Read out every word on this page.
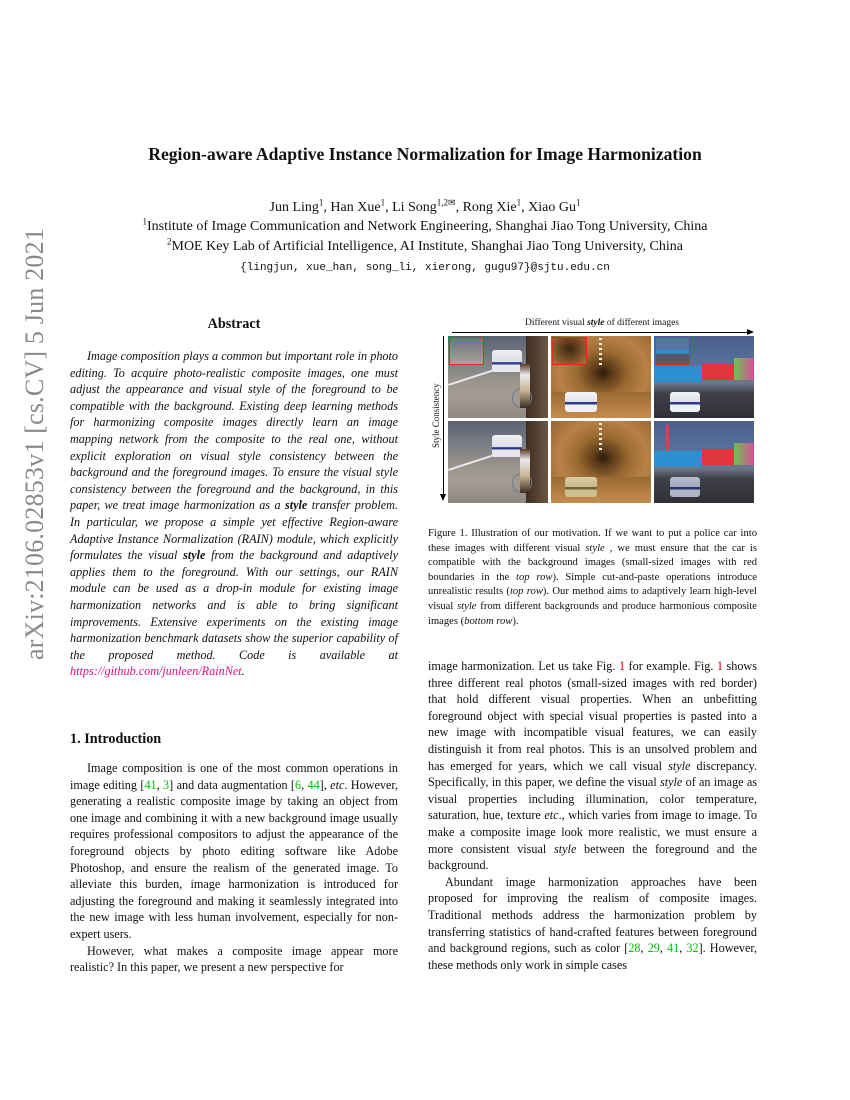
Region-aware Adaptive Instance Normalization for Image Harmonization
Jun Ling$^1$, Han Xue$^1$, Li Song$^{1,2✉}$, Rong Xie$^1$, Xiao Gu$^1$
$^1$Institute of Image Communication and Network Engineering, Shanghai Jiao Tong University, China
$^2$MOE Key Lab of Artificial Intelligence, AI Institute, Shanghai Jiao Tong University, China
{lingjun, xue_han, song_li, xierong, gugu97}@sjtu.edu.cn
arXiv:2106.02853v1 [cs.CV] 5 Jun 2021	Abstract

Image composition plays a common but important role in photo editing. To acquire photo-realistic composite images, one must adjust the appearance and visual style of the foreground to be compatible with the background. Existing deep learning methods for harmonizing composite images directly learn an image mapping network from the composite to the real one, without explicit exploration on visual style consistency between the background and the foreground images. To ensure the visual style consistency between the foreground and the background, in this paper, we treat image harmonization as a style transfer problem. In particular, we propose a simple yet effective Region-aware Adaptive Instance Normalization (RAIN) module, which explicitly formulates the visual style from the background and adaptively applies them to the foreground. With our settings, our RAIN module can be used as a drop-in module for existing image harmonization networks and is able to bring significant improvements. Extensive experiments on the existing image harmonization benchmark datasets show the superior capability of the proposed method. Code is available at https://github.com/junleen/RainNet.

1. Introduction

Image composition is one of the most common operations in image editing [41, 3] and data augmentation [6, 44], etc. However, generating a realistic composite image by taking an object from one image and combining it with a new background image usually requires professional compositors to adjust the appearance of the foreground objects by photo editing software like Adobe Photoshop, and ensure the realism of the generated image. To alleviate this burden, image harmonization is introduced for adjusting the foreground and making it seamlessly integrated into the new image with less human involvement, especially for non-expert users.

However, what makes a composite image appear more realistic? In this paper, we present a new perspective for

Different visual style of different images
Style Consistency
Figure 1. Illustration of our motivation. If we want to put a police car into these images with different visual style , we must ensure that the car is compatible with the background images (small-sized images with red boundaries in the top row). Simple cut-and-paste operations introduce unrealistic results (top row). Our method aims to adaptively learn high-level visual style from different backgrounds and produce harmonious composite images (bottom row).

image harmonization. Let us take Fig. 1 for example. Fig. 1 shows three different real photos (small-sized images with red border) that hold different visual properties. When an unbefitting foreground object with special visual properties is pasted into a new image with incompatible visual features, we can easily distinguish it from real photos. This is an unsolved problem and has emerged for years, which we call visual style discrepancy. Specifically, in this paper, we define the visual style of an image as visual properties including illumination, color temperature, saturation, hue, texture etc., which varies from image to image. To make a composite image look more realistic, we must ensure a more consistent visual style between the foreground and the background.

Abundant image harmonization approaches have been proposed for improving the realism of composite images. Traditional methods address the harmonization problem by transferring statistics of hand-crafted features between foreground and background regions, such as color [28, 29, 41, 32]. However, these methods only work in simple cases
